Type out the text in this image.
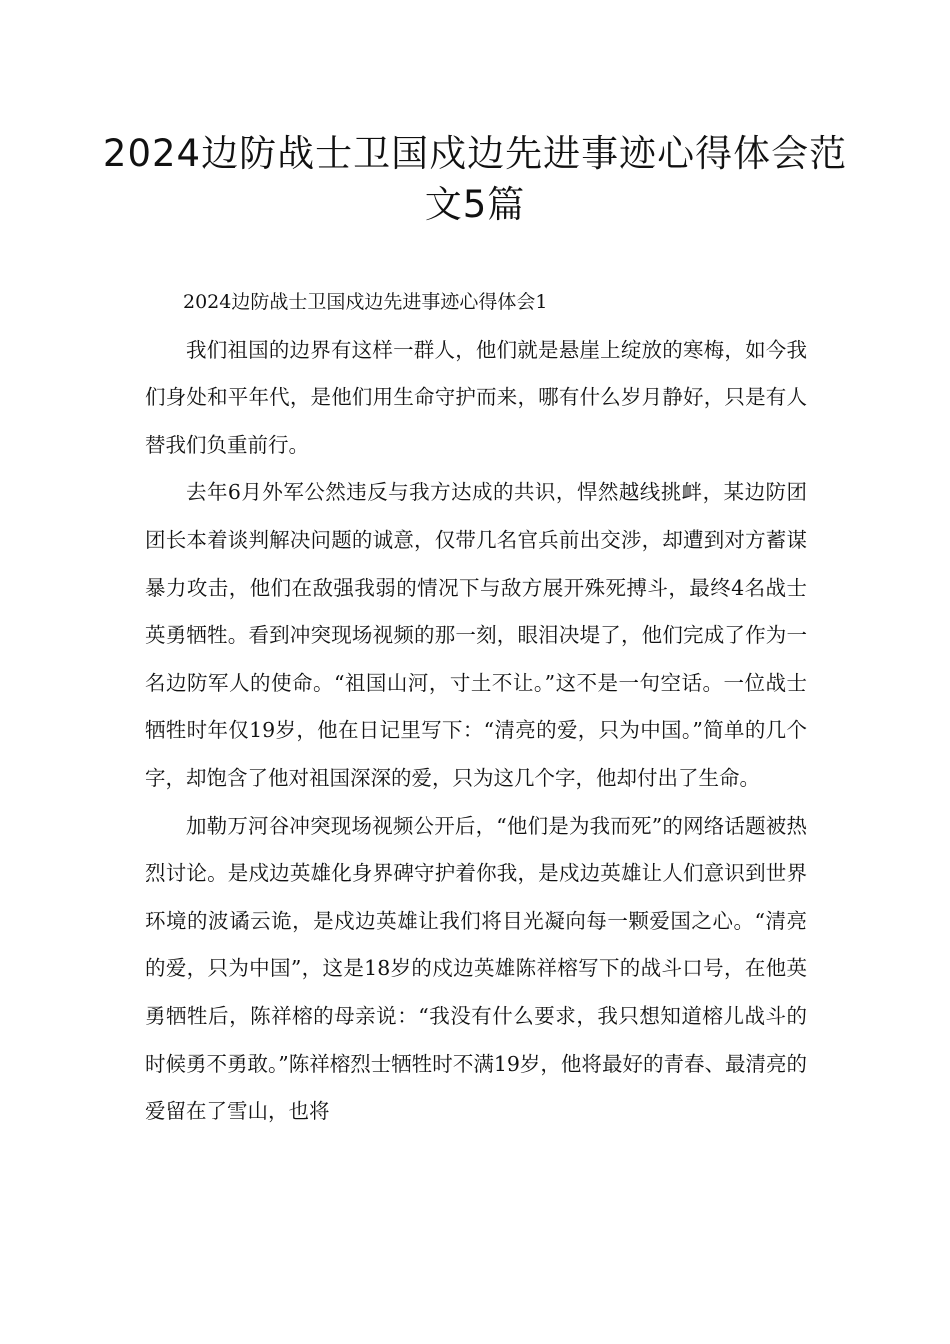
2024边防战士卫国戍边先进事迹心得体会范文5篇

2024边防战士卫国戍边先进事迹心得体会1

我们祖国的边界有这样一群人，他们就是悬崖上绽放的寒梅，如今我们身处和平年代，是他们用生命守护而来，哪有什么岁月静好，只是有人替我们负重前行。

去年6月外军公然违反与我方达成的共识，悍然越线挑衅，某边防团团长本着谈判解决问题的诚意，仅带几名官兵前出交涉，却遭到对方蓄谋暴力攻击，他们在敌强我弱的情况下与敌方展开殊死搏斗，最终4名战士英勇牺牲。看到冲突现场视频的那一刻，眼泪决堤了，他们完成了作为一名边防军人的使命。“祖国山河，寸土不让。”这不是一句空话。一位战士牺牲时年仅19岁，他在日记里写下：“清亮的爱，只为中国。”简单的几个字，却饱含了他对祖国深深的爱，只为这几个字，他却付出了生命。

加勒万河谷冲突现场视频公开后，“他们是为我而死”的网络话题被热烈讨论。是戍边英雄化身界碑守护着你我，是戍边英雄让人们意识到世界环境的波谲云诡，是戍边英雄让我们将目光凝向每一颗爱国之心。“清亮的爱，只为中国”，这是18岁的戍边英雄陈祥榕写下的战斗口号，在他英勇牺牲后，陈祥榕的母亲说：“我没有什么要求，我只想知道榕儿战斗的时候勇不勇敢。”陈祥榕烈士牺牲时不满19岁，他将最好的青春、最清亮的爱留在了雪山，也将
